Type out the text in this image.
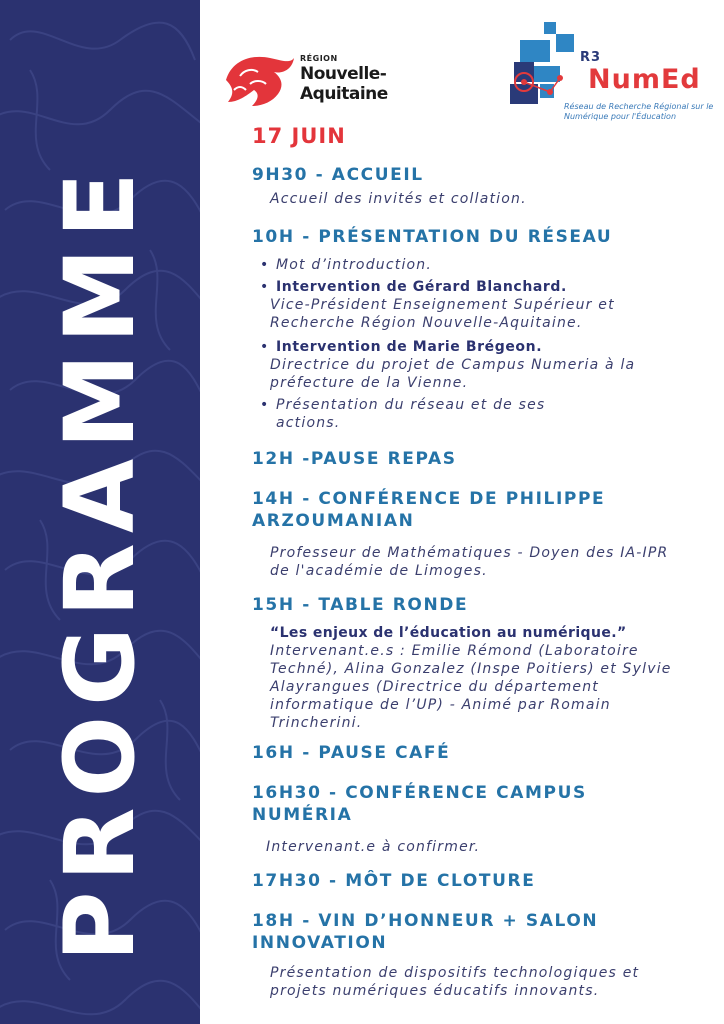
PROGRAMME
RÉGION
Nouvelle-
Aquitaine
R3
NumEd
Réseau de Recherche Régional sur le Numérique pour l'Éducation
17 JUIN
9H30 - ACCUEIL
Accueil des invités et collation.
10H - PRÉSENTATION DU RÉSEAU
• Mot d’introduction.
• Intervention de Gérard Blanchard.
Vice-Président Enseignement Supérieur et Recherche Région Nouvelle-Aquitaine.
• Intervention de Marie Brégeon.
Directrice du projet de Campus Numeria à la préfecture de la Vienne.
• Présentation du réseau et de ses actions.
12H -PAUSE REPAS
14H - CONFÉRENCE DE PHILIPPE
ARZOUMANIAN
Professeur de Mathématiques - Doyen des IA-IPR de l'académie de Limoges.
15H - TABLE RONDE
“Les enjeux de l’éducation au numérique.”
Intervenant.e.s : Emilie Rémond (Laboratoire Techné), Alina Gonzalez (Inspe Poitiers) et Sylvie Alayrangues (Directrice du département informatique de l’UP) - Animé par Romain Trincherini.
16H - PAUSE CAFÉ
16H30 - CONFÉRENCE CAMPUS
NUMÉRIA
Intervenant.e à confirmer.
17H30 - MÔT DE CLOTURE
18H - VIN D’HONNEUR + SALON
INNOVATION
Présentation de dispositifs technologiques et projets numériques éducatifs innovants.
